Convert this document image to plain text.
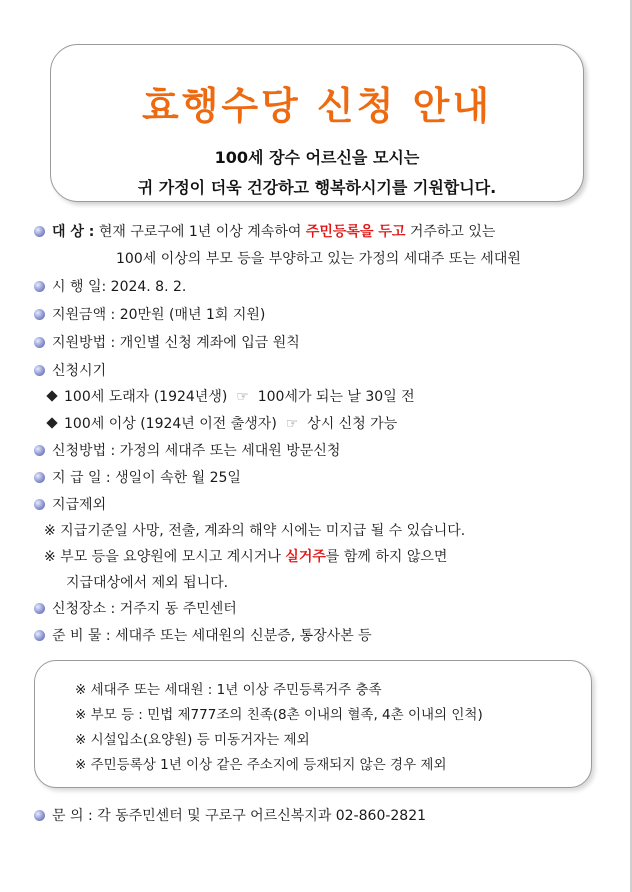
효행수당 신청 안내
100세 장수 어르신을 모시는
귀 가정이 더욱 건강하고 행복하시기를 기원합니다.
대 상 : 현재 구로구에 1년 이상 계속하여 주민등록을 두고 거주하고 있는
100세 이상의 부모 등을 부양하고 있는 가정의 세대주 또는 세대원
시 행 일: 2024. 8. 2.
지원금액 : 20만원 (매년 1회 지원)
지원방법 : 개인별 신청 계좌에 입금 원칙
신청시기
100세 도래자 (1924년생) ☞ 100세가 되는 날 30일 전
100세 이상 (1924년 이전 출생자) ☞ 상시 신청 가능
신청방법 : 가정의 세대주 또는 세대원 방문신청
지 급 일 : 생일이 속한 월 25일
지급제외
※ 지급기준일 사망, 전출, 계좌의 해약 시에는 미지급 될 수 있습니다.
※ 부모 등을 요양원에 모시고 계시거나 실거주를 함께 하지 않으면
지급대상에서 제외 됩니다.
신청장소 : 거주지 동 주민센터
준 비 물 : 세대주 또는 세대원의 신분증, 통장사본 등
※ 세대주 또는 세대원 : 1년 이상 주민등록거주 충족
※ 부모 등 : 민법 제777조의 친족(8촌 이내의 혈족, 4촌 이내의 인척)
※ 시설입소(요양원) 등 미동거자는 제외
※ 주민등록상 1년 이상 같은 주소지에 등재되지 않은 경우 제외
문 의 : 각 동주민센터 및 구로구 어르신복지과 02-860-2821
